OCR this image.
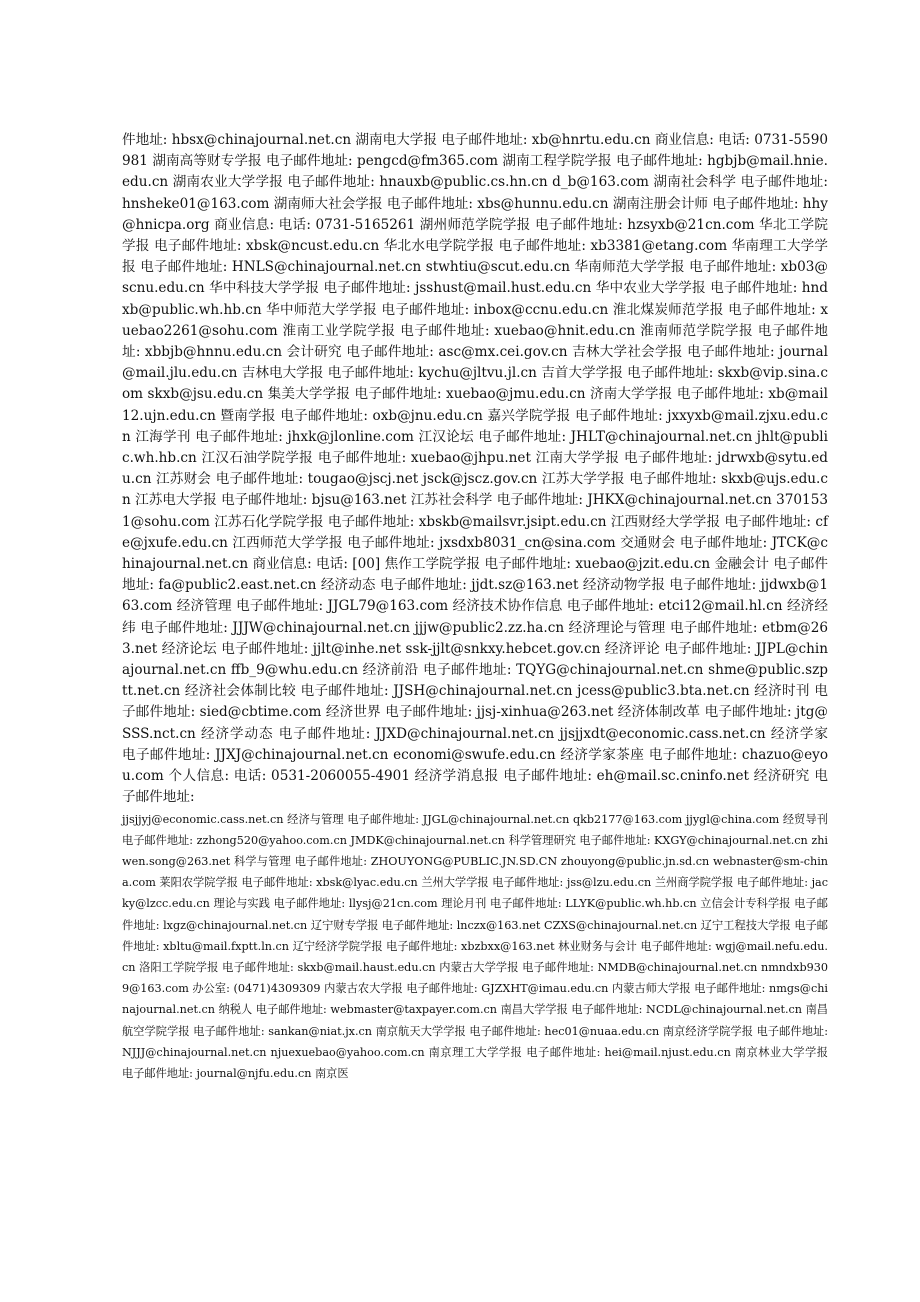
件地址: hbsx@chinajournal.net.cn 湖南电大学报 电子邮件地址: xb@hnrtu.edu.cn 商业信息: 电话: 0731-5590981 湖南高等财专学报 电子邮件地址: pengcd@fm365.com 湖南工程学院学报 电子邮件地址: hgbjb@mail.hnie.edu.cn 湖南农业大学学报 电子邮件地址: hnauxb@public.cs.hn.cn d_b@163.com 湖南社会科学 电子邮件地址: hnsheke01@163.com 湖南师大社会学报 电子邮件地址: xbs@hunnu.edu.cn 湖南注册会计师 电子邮件地址: hhy@hnicpa.org 商业信息: 电话: 0731-5165261 湖州师范学院学报 电子邮件地址: hzsyxb@21cn.com 华北工学院学报 电子邮件地址: xbsk@ncust.edu.cn 华北水电学院学报 电子邮件地址: xb3381@etang.com 华南理工大学学报 电子邮件地址: HNLS@chinajournal.net.cn stwhtiu@scut.edu.cn 华南师范大学学报 电子邮件地址: xb03@scnu.edu.cn 华中科技大学学报 电子邮件地址: jsshust@mail.hust.edu.cn 华中农业大学学报 电子邮件地址: hndxb@public.wh.hb.cn 华中师范大学学报 电子邮件地址: inbox@ccnu.edu.cn 淮北煤炭师范学报 电子邮件地址: xuebao2261@sohu.com 淮南工业学院学报 电子邮件地址: xuebao@hnit.edu.cn 淮南师范学院学报 电子邮件地址: xbbjb@hnnu.edu.cn 会计研究 电子邮件地址: asc@mx.cei.gov.cn 吉林大学社会学报 电子邮件地址: journal@mail.jlu.edu.cn 吉林电大学报 电子邮件地址: kychu@jltvu.jl.cn 吉首大学学报 电子邮件地址: skxb@vip.sina.com skxb@jsu.edu.cn 集美大学学报 电子邮件地址: xuebao@jmu.edu.cn 济南大学学报 电子邮件地址: xb@mail12.ujn.edu.cn 暨南学报 电子邮件地址: oxb@jnu.edu.cn 嘉兴学院学报 电子邮件地址: jxxyxb@mail.zjxu.edu.cn 江海学刊 电子邮件地址: jhxk@jlonline.com 江汉论坛 电子邮件地址: JHLT@chinajournal.net.cn jhlt@public.wh.hb.cn 江汉石油学院学报 电子邮件地址: xuebao@jhpu.net 江南大学学报 电子邮件地址: jdrwxb@sytu.edu.cn 江苏财会 电子邮件地址: tougao@jscj.net jsck@jscz.gov.cn 江苏大学学报 电子邮件地址: skxb@ujs.edu.cn 江苏电大学报 电子邮件地址: bjsu@163.net 江苏社会科学 电子邮件地址: JHKX@chinajournal.net.cn 3701531@sohu.com 江苏石化学院学报 电子邮件地址: xbskb@mailsvr.jsipt.edu.cn 江西财经大学学报 电子邮件地址: cfe@jxufe.edu.cn 江西师范大学学报 电子邮件地址: jxsdxb8031_cn@sina.com 交通财会 电子邮件地址: JTCK@chinajournal.net.cn 商业信息: 电话: [00] 焦作工学院学报 电子邮件地址: xuebao@jzit.edu.cn 金融会计 电子邮件地址: fa@public2.east.net.cn 经济动态 电子邮件地址: jjdt.sz@163.net 经济动物学报 电子邮件地址: jjdwxb@163.com 经济管理 电子邮件地址: JJGL79@163.com 经济技术协作信息 电子邮件地址: etci12@mail.hl.cn 经济经纬 电子邮件地址: JJJW@chinajournal.net.cn jjjw@public2.zz.ha.cn 经济理论与管理 电子邮件地址: etbm@263.net 经济论坛 电子邮件地址: jjlt@inhe.net ssk-jjlt@snkxy.hebcet.gov.cn 经济评论 电子邮件地址: JJPL@chinajournal.net.cn ffb_9@whu.edu.cn 经济前沿 电子邮件地址: TQYG@chinajournal.net.cn shme@public.szptt.net.cn 经济社会体制比较 电子邮件地址: JJSH@chinajournal.net.cn jcess@public3.bta.net.cn 经济时刊 电子邮件地址: sied@cbtime.com 经济世界 电子邮件地址: jjsj-xinhua@263.net 经济体制改革 电子邮件地址: jtg@SSS.nct.cn 经济学动态 电子邮件地址: JJXD@chinajournal.net.cn jjsjjxdt@economic.cass.net.cn 经济学家 电子邮件地址: JJXJ@chinajournal.net.cn economi@swufe.edu.cn 经济学家茶座 电子邮件地址: chazuo@eyou.com 个人信息: 电话: 0531-2060055-4901 经济学消息报 电子邮件地址: eh@mail.sc.cninfo.net 经济研究 电子邮件地址:

jjsjjyj@economic.cass.net.cn 经济与管理 电子邮件地址: JJGL@chinajournal.net.cn qkb2177@163.com jjygl@china.com 经贸导刊 电子邮件地址: zzhong520@yahoo.com.cn JMDK@chinajournal.net.cn 科学管理研究 电子邮件地址: KXGY@chinajournal.net.cn zhiwen.song@263.net 科学与管理 电子邮件地址: ZHOUYONG@PUBLIC.JN.SD.CN zhouyong@public.jn.sd.cn webnaster@sm-china.com 莱阳农学院学报 电子邮件地址: xbsk@lyac.edu.cn 兰州大学学报 电子邮件地址: jss@lzu.edu.cn 兰州商学院学报 电子邮件地址: jacky@lzcc.edu.cn 理论与实践 电子邮件地址: llysj@21cn.com 理论月刊 电子邮件地址: LLYK@public.wh.hb.cn 立信会计专科学报 电子邮件地址: lxgz@chinajournal.net.cn 辽宁财专学报 电子邮件地址: lnczx@163.net CZXS@chinajournal.net.cn 辽宁工程技大学报 电子邮件地址: xbltu@mail.fxptt.ln.cn 辽宁经济学院学报 电子邮件地址: xbzbxx@163.net 林业财务与会计 电子邮件地址: wgj@mail.nefu.edu.cn 洛阳工学院学报 电子邮件地址: skxb@mail.haust.edu.cn 内蒙古大学学报 电子邮件地址: NMDB@chinajournal.net.cn nmndxb9309@163.com 办公室: (0471)4309309 内蒙古农大学报 电子邮件地址: GJZXHT@imau.edu.cn 内蒙古师大学报 电子邮件地址: nmgs@chinajournal.net.cn 纳税人 电子邮件地址: webmaster@taxpayer.com.cn 南昌大学学报 电子邮件地址: NCDL@chinajournal.net.cn 南昌航空学院学报 电子邮件地址: sankan@niat.jx.cn 南京航天大学学报 电子邮件地址: hec01@nuaa.edu.cn 南京经济学院学报 电子邮件地址: NJJJ@chinajournal.net.cn njuexuebao@yahoo.com.cn 南京理工大学学报 电子邮件地址: hei@mail.njust.edu.cn 南京林业大学学报 电子邮件地址: journal@njfu.edu.cn 南京医
